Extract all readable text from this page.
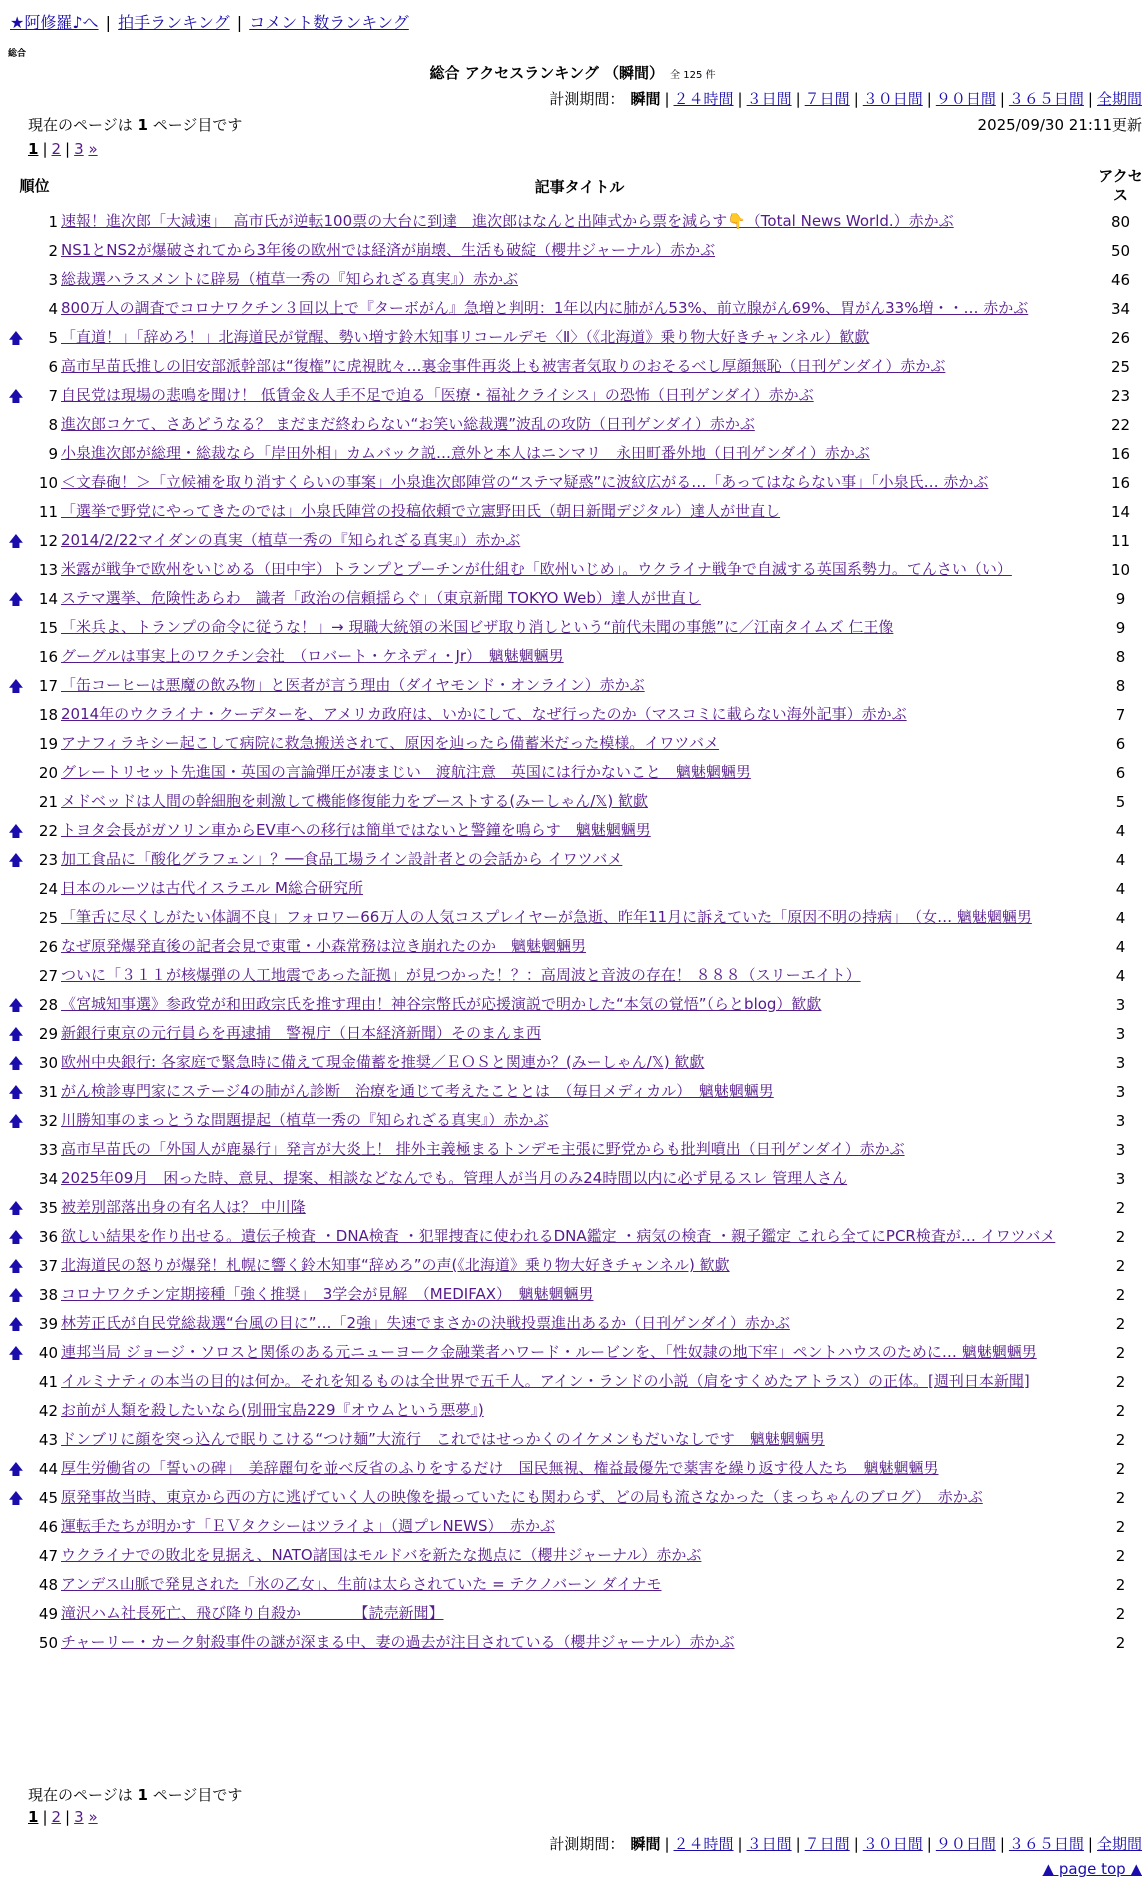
★阿修羅♪へ | 拍手ランキング | コメント数ランキング
総合
総合 アクセスランキング （瞬間） 全 125 件
計測期間： 瞬間 | ２４時間 | ３日間 | ７日間 | ３０日間 | ９０日間 | ３６５日間 | 全期間
現在のページは 1 ページ目です	2025/09/30 21:11更新
1 | 2 | 3 »
順位		記事タイトル	アクセス
	1	速報！進次郎「大減速」　高市氏が逆転100票の大台に到達　進次郎はなんと出陣式から票を減らす👇（Total News World.）赤かぶ	80
	2	NS1とNS2が爆破されてから3年後の欧州では経済が崩壊、生活も破綻（櫻井ジャーナル）赤かぶ	50
	3	総裁選ハラスメントに辟易（植草一秀の『知られざる真実』）赤かぶ	46
	4	800万人の調査でコロナワクチン３回以上で『ターボがん』急増と判明：1年以内に肺がん53%、前立腺がん69%、胃がん33%増・・… 赤かぶ	34
🡅	5	「直道！」「辞めろ！」北海道民が覚醒、勢い増す鈴木知事リコールデモ〈Ⅱ〉（《北海道》乗り物大好きチャンネル）歓歔	26
	6	高市早苗氏推しの旧安部派幹部は“復権”に虎視眈々…裏金事件再炎上も被害者気取りのおそるべし厚顔無恥（日刊ゲンダイ）赤かぶ	25
🡅	7	自民党は現場の悲鳴を聞け！ 低賃金＆人手不足で迫る「医療・福祉クライシス」の恐怖（日刊ゲンダイ）赤かぶ	23
	8	進次郎コケて、さあどうなる？ まだまだ終わらない“お笑い総裁選”波乱の攻防（日刊ゲンダイ）赤かぶ	22
	9	小泉進次郎が総理・総裁なら「岸田外相」カムバック説…意外と本人はニンマリ　永田町番外地（日刊ゲンダイ）赤かぶ	16
	10	＜文春砲！＞「立候補を取り消すくらいの事案」小泉進次郎陣営の“ステマ疑惑”に波紋広がる…「あってはならない事」「小泉氏… 赤かぶ	16
	11	「選挙で野党にやってきたのでは」小泉氏陣営の投稿依頼で立憲野田氏（朝日新聞デジタル）達人が世直し	14
🡅	12	2014/2/22マイダンの真実（植草一秀の『知られざる真実』）赤かぶ	11
	13	米露が戦争で欧州をいじめる（田中宇）トランプとプーチンが仕組む「欧州いじめ」。ウクライナ戦争で自滅する英国系勢力。てんさい（い）	10
🡅	14	ステマ選挙、危険性あらわ　識者「政治の信頼揺らぐ」（東京新聞 TOKYO Web）達人が世直し	9
	15	「米兵よ、トランプの命令に従うな！」→ 現職大統領の米国ビザ取り消しという“前代未聞の事態”に／江南タイムズ 仁王像	9
	16	グーグルは事実上のワクチン会社　（ロバート・ケネディ・Jr）　魑魅魍魎男	8
🡅	17	「缶コーヒーは悪魔の飲み物」と医者が言う理由（ダイヤモンド・オンライン）赤かぶ	8
	18	2014年のウクライナ・クーデターを、アメリカ政府は、いかにして、なぜ行ったのか（マスコミに載らない海外記事）赤かぶ	7
	19	アナフィラキシー起こして病院に救急搬送されて、原因を辿ったら備蓄米だった模様。イワツバメ	6
	20	グレートリセット先進国・英国の言論弾圧が凄まじい　渡航注意　英国には行かないこと　魑魅魍魎男	6
	21	メドベッドは人間の幹細胞を刺激して機能修復能力をブーストする(みーしゃん/𝕏) 歓歔	5
🡅	22	トヨタ会長がガソリン車からEV車への移行は簡単ではないと警鐘を鳴らす　魑魅魍魎男	4
🡅	23	加工食品に「酸化グラフェン」？──食品工場ライン設計者との会話から イワツバメ	4
	24	日本のルーツは古代イスラエル M総合研究所	4
	25	「筆舌に尽くしがたい体調不良」フォロワー66万人の人気コスプレイヤーが急逝、昨年11月に訴えていた「原因不明の持病」　（女… 魑魅魍魎男	4
	26	なぜ原発爆発直後の記者会見で東電・小森常務は泣き崩れたのか　魑魅魍魎男	4
	27	ついに「３１１が核爆弾の人工地震であった証拠」が見つかった！？：高周波と音波の存在！ ８８８（スリーエイト）	4
🡅	28	《宮城知事選》参政党が和田政宗氏を推す理由！神谷宗幣氏が応援演説で明かした“本気の覚悟”（らとblog）歓歔	3
🡅	29	新銀行東京の元行員らを再逮捕　警視庁（日本経済新聞）そのまんま西	3
🡅	30	欧州中央銀行: 各家庭で緊急時に備えて現金備蓄を推奨／ＥＯＳと関連か？(みーしゃん/𝕏) 歓歔	3
🡅	31	がん検診専門家にステージ4の肺がん診断　治療を通じて考えたこととは　（毎日メディカル）　魑魅魍魎男	3
🡅	32	川勝知事のまっとうな問題提起（植草一秀の『知られざる真実』）赤かぶ	3
	33	高市早苗氏の「外国人が鹿暴行」発言が大炎上！ 排外主義極まるトンデモ主張に野党からも批判噴出（日刊ゲンダイ）赤かぶ	3
	34	2025年09月　困った時、意見、提案、相談などなんでも。管理人が当月のみ24時間以内に必ず見るスレ 管理人さん	3
🡅	35	被差別部落出身の有名人は？ 中川隆	2
🡅	36	欲しい結果を作り出せる。遺伝子検査 ・DNA検査 ・犯罪捜査に使われるDNA鑑定 ・病気の検査 ・親子鑑定 これら全てにPCR検査が… イワツバメ	2
🡅	37	北海道民の怒りが爆発！札幌に響く鈴木知事“辞めろ”の声(《北海道》乗り物大好きチャンネル) 歓歔	2
🡅	38	コロナワクチン定期接種「強く推奨」　3学会が見解　（MEDIFAX）　魑魅魍魎男	2
🡅	39	林芳正氏が自民党総裁選“台風の目に”…「2強」失速でまさかの決戦投票進出あるか（日刊ゲンダイ）赤かぶ	2
🡅	40	連邦当局 ジョージ・ソロスと関係のある元ニューヨーク金融業者ハワード・ルービンを、「性奴隷の地下牢」ペントハウスのために… 魑魅魍魎男	2
	41	イルミナティの本当の目的は何か。それを知るものは全世界で五千人。アイン・ランドの小説（肩をすくめたアトラス）の正体。[週刊日本新聞]	2
	42	お前が人類を殺したいなら(別冊宝島229『オウムという悪夢』)	2
	43	ドンブリに顔を突っ込んで眠りこける“つけ麺”大流行　これではせっかくのイケメンもだいなしです　魑魅魍魎男	2
🡅	44	厚生労働省の「誓いの碑」　美辞麗句を並べ反省のふりをするだけ　国民無視、権益最優先で薬害を繰り返す役人たち　魑魅魍魎男	2
🡅	45	原発事故当時、東京から西の方に逃げていく人の映像を撮っていたにも関わらず、どの局も流さなかった（まっちゃんのブログ）　赤かぶ	2
	46	運転手たちが明かす「ＥＶタクシーはツライよ」（週プレNEWS）　赤かぶ	2
	47	ウクライナでの敗北を見据え、NATO諸国はモルドバを新たな拠点に（櫻井ジャーナル）赤かぶ	2
	48	アンデス山脈で発見された「氷の乙女」、生前は太らされていた = テクノバーン ダイナモ	2
	49	滝沢ハム社長死亡、飛び降り自殺か　　　　【読売新聞】	2
	50	チャーリー・カーク射殺事件の謎が深まる中、妻の過去が注目されている（櫻井ジャーナル）赤かぶ	2
現在のページは 1 ページ目です
1 | 2 | 3 »
計測期間： 瞬間 | ２４時間 | ３日間 | ７日間 | ３０日間 | ９０日間 | ３６５日間 | 全期間
▲ page top ▲
